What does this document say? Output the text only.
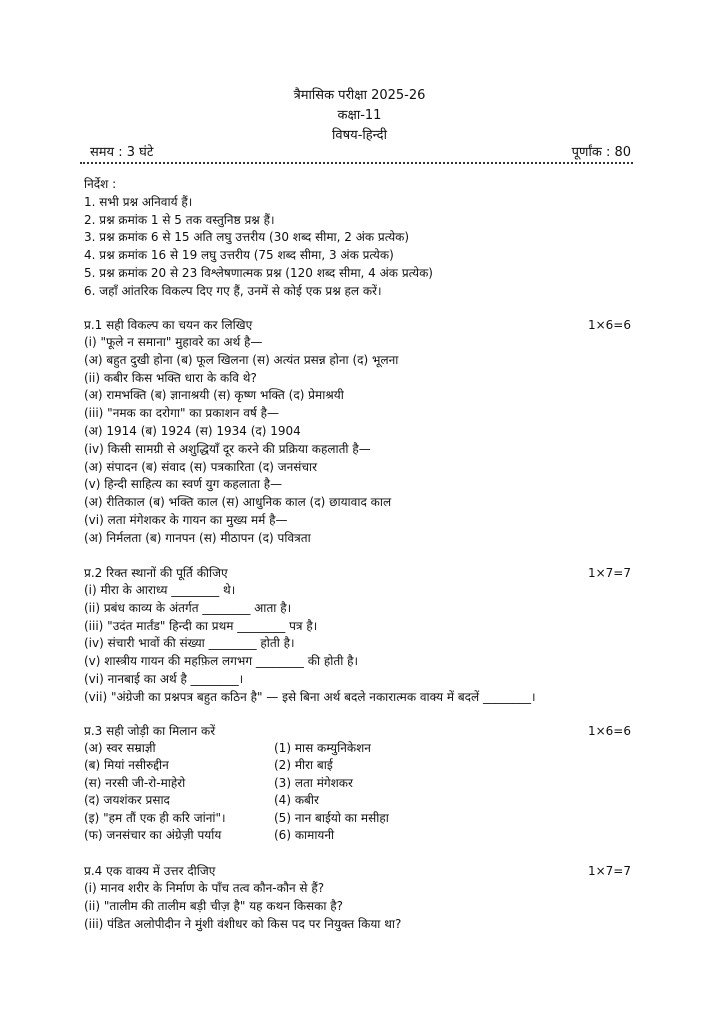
त्रैमासिक परीक्षा 2025-26
कक्षा-11
विषय-हिन्दी
समय : 3 घंटे	पूर्णांक : 80
निर्देश :
1. सभी प्रश्न अनिवार्य हैं।
2. प्रश्न क्रमांक 1 से 5 तक वस्तुनिष्ठ प्रश्न हैं।
3. प्रश्न क्रमांक 6 से 15 अति लघु उत्तरीय (30 शब्द सीमा, 2 अंक प्रत्येक)
4. प्रश्न क्रमांक 16 से 19 लघु उत्तरीय (75 शब्द सीमा, 3 अंक प्रत्येक)
5. प्रश्न क्रमांक 20 से 23 विश्लेषणात्मक प्रश्न (120 शब्द सीमा, 4 अंक प्रत्येक)
6. जहाँ आंतरिक विकल्प दिए गए हैं, उनमें से कोई एक प्रश्न हल करें।
प्र.1 सही विकल्प का चयन कर लिखिए	1×6=6
(i) "फूले न समाना" मुहावरे का अर्थ है—
(अ) बहुत दुखी होना (ब) फूल खिलना (स) अत्यंत प्रसन्न होना (द) भूलना
(ii) कबीर किस भक्ति धारा के कवि थे?
(अ) रामभक्ति (ब) ज्ञानाश्रयी (स) कृष्ण भक्ति (द) प्रेमाश्रयी
(iii) "नमक का दरोगा" का प्रकाशन वर्ष है—
(अ) 1914 (ब) 1924 (स) 1934 (द) 1904
(iv) किसी सामग्री से अशुद्धियाँ दूर करने की प्रक्रिया कहलाती है—
(अ) संपादन (ब) संवाद (स) पत्रकारिता (द) जनसंचार
(v) हिन्दी साहित्य का स्वर्ण युग कहलाता है—
(अ) रीतिकाल (ब) भक्ति काल (स) आधुनिक काल (द) छायावाद काल
(vi) लता मंगेशकर के गायन का मुख्य मर्म है—
(अ) निर्मलता (ब) गानपन (स) मीठापन (द) पवित्रता
प्र.2 रिक्त स्थानों की पूर्ति कीजिए	1×7=7
(i) मीरा के आराध्य ________ थे।
(ii) प्रबंध काव्य के अंतर्गत ________ आता है।
(iii) "उदंत मार्तंड" हिन्दी का प्रथम ________ पत्र है।
(iv) संचारी भावों की संख्या ________ होती है।
(v) शास्त्रीय गायन की महफ़िल लगभग ________ की होती है।
(vi) नानबाई का अर्थ है ________।
(vii) "अंग्रेजी का प्रश्नपत्र बहुत कठिन है" — इसे बिना अर्थ बदले नकारात्मक वाक्य में बदलें ________।
प्र.3 सही जोड़ी का मिलान करें	1×6=6
(अ) स्वर सम्राज्ञी	(1) मास कम्युनिकेशन
(ब) मियां नसीरुद्दीन	(2) मीरा बाई
(स) नरसी जी-रो-माहेरो	(3) लता मंगेशकर
(द) जयशंकर प्रसाद	(4) कबीर
(इ) "हम तौं एक ही करि जांनां"।	(5) नान बाईयो का मसीहा
(फ) जनसंचार का अंग्रेज़ी पर्याय	(6) कामायनी
प्र.4 एक वाक्य में उत्तर दीजिए	1×7=7
(i) मानव शरीर के निर्माण के पाँच तत्व कौन-कौन से हैं?
(ii) "तालीम की तालीम बड़ी चीज़ है" यह कथन किसका है?
(iii) पंडित अलोपीदीन ने मुंशी वंशीधर को किस पद पर नियुक्त किया था?
